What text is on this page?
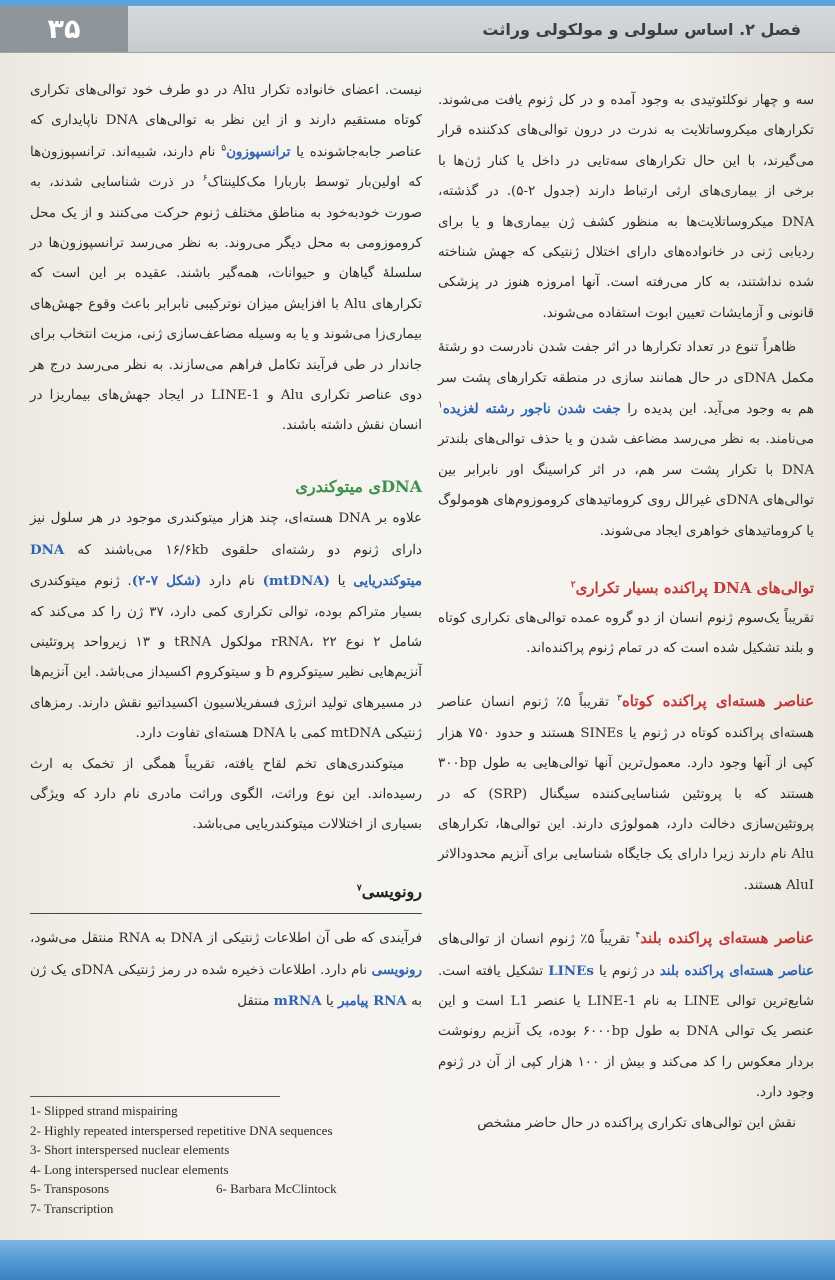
۳۵	فصل ۲. اساس سلولی و مولکولی وراثت

سه و چهار نوکلئوتیدی به وجود آمده و در کل ژنوم یافت می‌شوند. تکرارهای میکروساتلایت به ندرت در درون توالی‌های کدکننده قرار می‌گیرند، با این حال تکرارهای سه‌تایی در داخل یا کنار ژن‌ها با برخی از بیماری‌های ارثی ارتباط دارند (جدول ۲-۵). در گذشته، DNA میکروساتلایت‌ها به منظور کشف ژن بیماری‌ها و یا برای ردیابی ژنی در خانواده‌های دارای اختلال ژنتیکی که جهش شناخته شده نداشتند، به کار می‌رفته است. آنها امروزه هنوز در پزشکی قانونی و آزمایشات تعیین ابوت استفاده می‌شوند.

ظاهراً تنوع در تعداد تکرارها در اثر جفت شدن نادرست دو رشتهٔ مکمل DNAی در حال همانند سازی در منطقه تکرارهای پشت سر هم به وجود می‌آید. این پدیده را جفت شدن ناجور رشته لغزیده$^۱$ می‌نامند. به نظر می‌رسد مضاعف شدن و یا حذف توالی‌های بلندتر DNA با تکرار پشت سر هم، در اثر کراسینگ اور نابرابر بین توالی‌های DNAی غیرالل روی کروماتیدهای کروموزوم‌های هومولوگ یا کروماتیدهای خواهری ایجاد می‌شوند.

توالی‌های DNA پراکنده بسیار تکراری$^۲$

تقریباً یک‌سوم ژنوم انسان از دو گروه عمده توالی‌های تکراری کوتاه و بلند تشکیل شده است که در تمام ژنوم پراکنده‌اند.

عناصر هسته‌ای پراکنده کوتاه$^۳$ تقریباً ۵٪ ژنوم انسان عناصر هسته‌ای پراکنده کوتاه در ژنوم یا SINEs هستند و حدود ۷۵۰ هزار کپی از آنها وجود دارد. معمول‌ترین آنها توالی‌هایی به طول ۳۰۰bp هستند که با پروتئین شناسایی‌کننده سیگنال (SRP) که در پروتئین‌سازی دخالت دارد، همولوژی دارند. این توالی‌ها، تکرارهای Alu نام دارند زیرا دارای یک جایگاه شناسایی برای آنزیم محدودالاثر AluI هستند.

عناصر هسته‌ای پراکنده بلند$^۴$ تقریباً ۵٪ ژنوم انسان از توالی‌های عناصر هسته‌ای پراکنده بلند در ژنوم یا LINEs تشکیل یافته است. شایع‌ترین توالی LINE به نام LINE-1 یا عنصر L1 است و این عنصر یک توالی DNA به طول ۶۰۰۰bp بوده، یک آنزیم رونوشت بردار معکوس را کد می‌کند و بیش از ۱۰۰ هزار کپی از آن در ژنوم وجود دارد.

نقش این توالی‌های تکراری پراکنده در حال حاضر مشخص

نیست. اعضای خانواده تکرار Alu در دو طرف خود توالی‌های تکراری کوتاه مستقیم دارند و از این نظر به توالی‌های DNA ناپایداری که عناصر جابه‌جاشونده یا ترانسپوزون$^۵$ نام دارند، شبیه‌اند. ترانسپوزون‌ها که اولین‌بار توسط باربارا مک‌کلینتاک$^۶$ در ذرت شناسایی شدند، به صورت خودبه‌خود به مناطق مختلف ژنوم حرکت می‌کنند و از یک محل کروموزومی به محل دیگر می‌روند. به نظر می‌رسد ترانسپوزون‌ها در سلسلهٔ گیاهان و حیوانات، همه‌گیر باشند. عقیده بر این است که تکرارهای Alu با افزایش میزان نوترکیبی نابرابر باعث وقوع جهش‌های بیماری‌زا می‌شوند و یا به وسیله مضاعف‌سازی ژنی، مزیت انتخاب برای جاندار در طی فرآیند تکامل فراهم می‌سازند. به نظر می‌رسد درج هر دوی عناصر تکراری Alu و LINE-1 در ایجاد جهش‌های بیماریزا در انسان نقش داشته باشند.

DNAی میتوکندری

علاوه بر DNA هسته‌ای، چند هزار میتوکندری موجود در هر سلول نیز دارای ژنوم دو رشته‌ای حلقوی ۱۶/۶kb می‌باشند که DNA میتوکندریایی یا (mtDNA) نام دارد (شکل ۷-۲). ژنوم میتوکندری بسیار متراکم بوده، توالی تکراری کمی دارد، ۳۷ ژن را کد می‌کند که شامل ۲ نوع rRNA، ۲۲ مولکول tRNA و ۱۳ زیرواحد پروتئینی آنزیم‌هایی نظیر سیتوکروم b و سیتوکروم اکسیداز می‌باشد. این آنزیم‌ها در مسیرهای تولید انرژی فسفریلاسیون اکسیداتیو نقش دارند. رمزهای ژنتیکی mtDNA کمی با DNA هسته‌ای تفاوت دارد.

میتوکندری‌های تخم لقاح یافته، تقریباً همگی از تخمک به ارث رسیده‌اند. این نوع وراثت، الگوی وراثت مادری نام دارد که ویژگی بسیاری از اختلالات میتوکندریایی می‌باشد.

رونویسی$^۷$

فرآیندی که طی آن اطلاعات ژنتیکی از DNA به RNA منتقل می‌شود، رونویسی نام دارد. اطلاعات ذخیره شده در رمز ژنتیکی DNAی یک ژن به RNA پیامبر یا mRNA منتقل

1- Slipped strand mispairing

2- Highly repeated interspersed repetitive DNA sequences

3- Short interspersed nuclear elements

4- Long interspersed nuclear elements

5- Transposons	6- Barbara McClintock

7- Transcription
